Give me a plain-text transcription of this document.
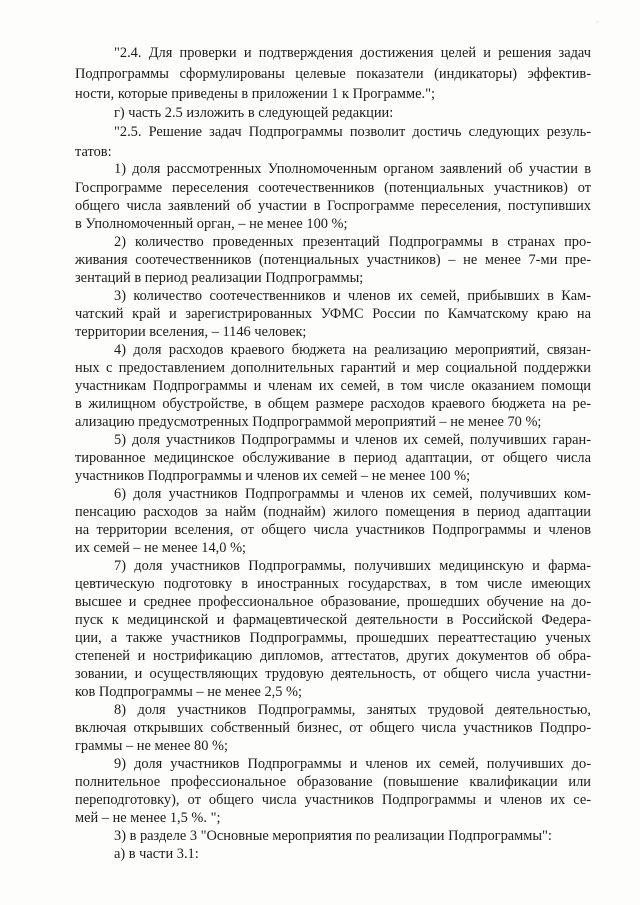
·
"2.4. Для проверки и подтверждения достижения целей и решения задач
Подпрограммы сформулированы целевые показатели (индикаторы) эффектив-
ности, которые приведены в приложении 1 к Программе.";
г) часть 2.5 изложить в следующей редакции:
"2.5. Решение задач Подпрограммы позволит достичь следующих резуль-
татов:
1) доля рассмотренных Уполномоченным органом заявлений об участии в
Госпрограмме переселения соотечественников (потенциальных участников) от
общего числа заявлений об участии в Госпрограмме переселения, поступивших
в Уполномоченный орган, – не менее 100 %;
2) количество проведенных презентаций Подпрограммы в странах про-
живания соотечественников (потенциальных участников) – не менее 7-ми пре-
зентаций в период реализации Подпрограммы;
3) количество соотечественников и членов их семей, прибывших в Кам-
чатский край и зарегистрированных УФМС России по Камчатскому краю на
территории вселения, – 1146 человек;
4) доля расходов краевого бюджета на реализацию мероприятий, связан-
ных с предоставлением дополнительных гарантий и мер социальной поддержки
участникам Подпрограммы и членам их семей, в том числе оказанием помощи
в жилищном обустройстве, в общем размере расходов краевого бюджета на ре-
ализацию предусмотренных Подпрограммой мероприятий – не менее 70 %;
5) доля участников Подпрограммы и членов их семей, получивших гаран-
тированное медицинское обслуживание в период адаптации, от общего числа
участников Подпрограммы и членов их семей – не менее 100 %;
6) доля участников Подпрограммы и членов их семей, получивших ком-
пенсацию расходов за найм (поднайм) жилого помещения в период адаптации
на территории вселения, от общего числа участников Подпрограммы и членов
их семей – не менее 14,0 %;
7) доля участников Подпрограммы, получивших медицинскую и фарма-
цевтическую подготовку в иностранных государствах, в том числе имеющих
высшее и среднее профессиональное образование, прошедших обучение на до-
пуск к медицинской и фармацевтической деятельности в Российской Федера-
ции, а также участников Подпрограммы, прошедших переаттестацию ученых
степеней и нострификацию дипломов, аттестатов, других документов об обра-
зовании, и осуществляющих трудовую деятельность, от общего числа участни-
ков Подпрограммы – не менее 2,5 %;
8) доля участников Подпрограммы, занятых трудовой деятельностью,
включая открывших собственный бизнес, от общего числа участников Подпро-
граммы – не менее 80 %;
9) доля участников Подпрограммы и членов их семей, получивших до-
полнительное профессиональное образование (повышение квалификации или
переподготовку), от общего числа участников Подпрограммы и членов их се-
мей – не менее 1,5 %. ";
3) в разделе 3 "Основные мероприятия по реализации Подпрограммы":
а) в части 3.1:
